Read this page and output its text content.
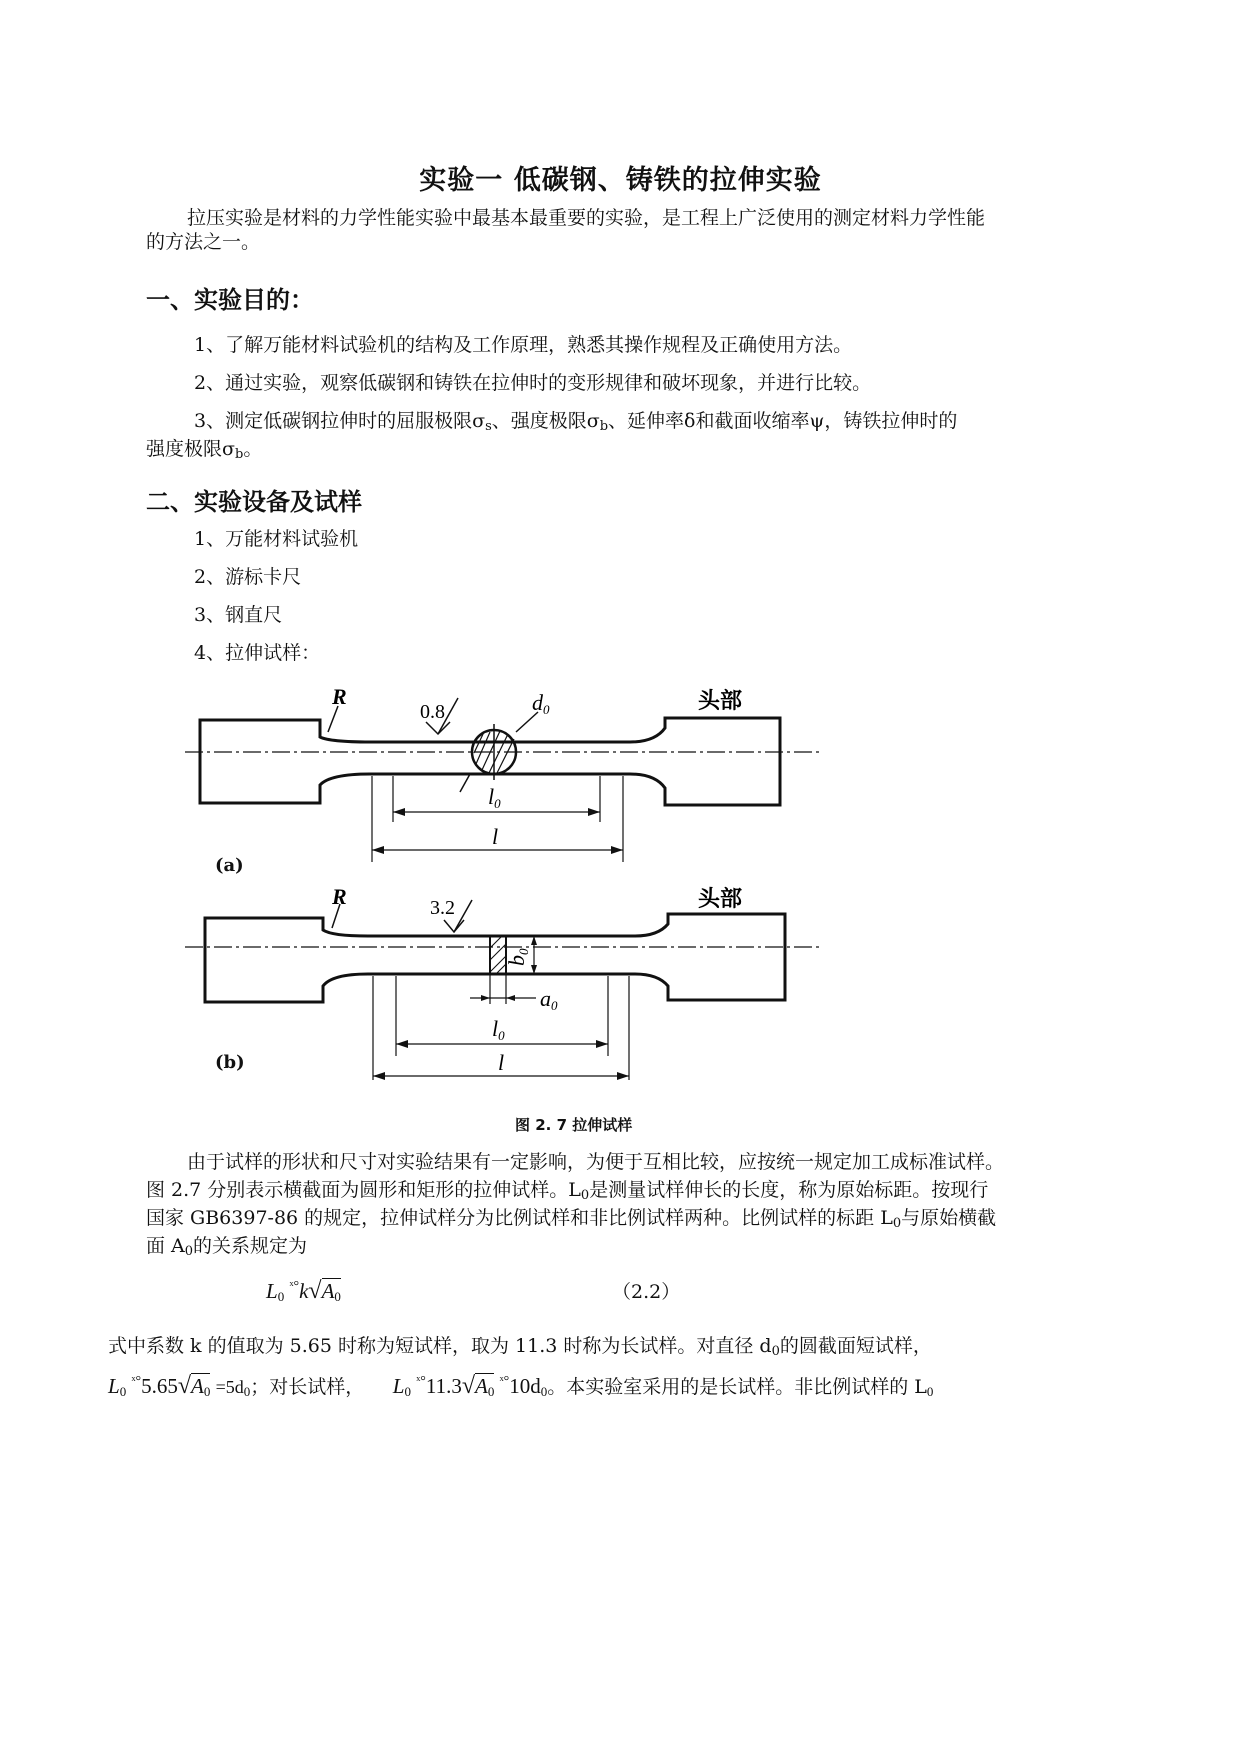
实验一 低碳钢、铸铁的拉伸实验
拉压实验是材料的力学性能实验中最基本最重要的实验，是工程上广泛使用的测定材料力学性能
的方法之一。
一、实验目的：
1、了解万能材料试验机的结构及工作原理，熟悉其操作规程及正确使用方法。
2、通过实验，观察低碳钢和铸铁在拉伸时的变形规律和破坏现象，并进行比较。
3、测定低碳钢拉伸时的屈服极限$\sigma_s$、强度极限$\sigma_b$、延伸率δ和截面收缩率ψ，铸铁拉伸时的
强度极限$\sigma_b$。
二、实验设备及试样
1、万能材料试验机
2、游标卡尺
3、钢直尺
4、拉伸试样：
R
0.8	d0
l0
l
头部
(a)
R	3.2
b0
a0
l0
l
头部
(b)
图 2. 7 拉伸试样
由于试样的形状和尺寸对实验结果有一定影响，为便于互相比较，应按统一规定加工成标准试样。
图 2.7 分别表示横截面为圆形和矩形的拉伸试样。$L_0$是测量试样伸长的长度，称为原始标距。按现行
国家 GB6397-86 的规定，拉伸试样分为比例试样和非比例试样两种。比例试样的标距 $L_0$与原始横截
面 $A_0$的关系规定为
$L_0$ $^{ˣ^\circ}k√A_0$	（2.2）
式中系数 k 的值取为 5.65 时称为短试样，取为 11.3 时称为长试样。对直径 $d_0$的圆截面短试样，
$L_0$ $^{ˣ^\circ}5.65√A_0 =5d_0$；对长试样， $L_0$ $^{ˣ^\circ}11.3√A_0$ $^{ˣ^\circ}10d_0$。本实验室采用的是长试样。非比例试样的 $L_0$
